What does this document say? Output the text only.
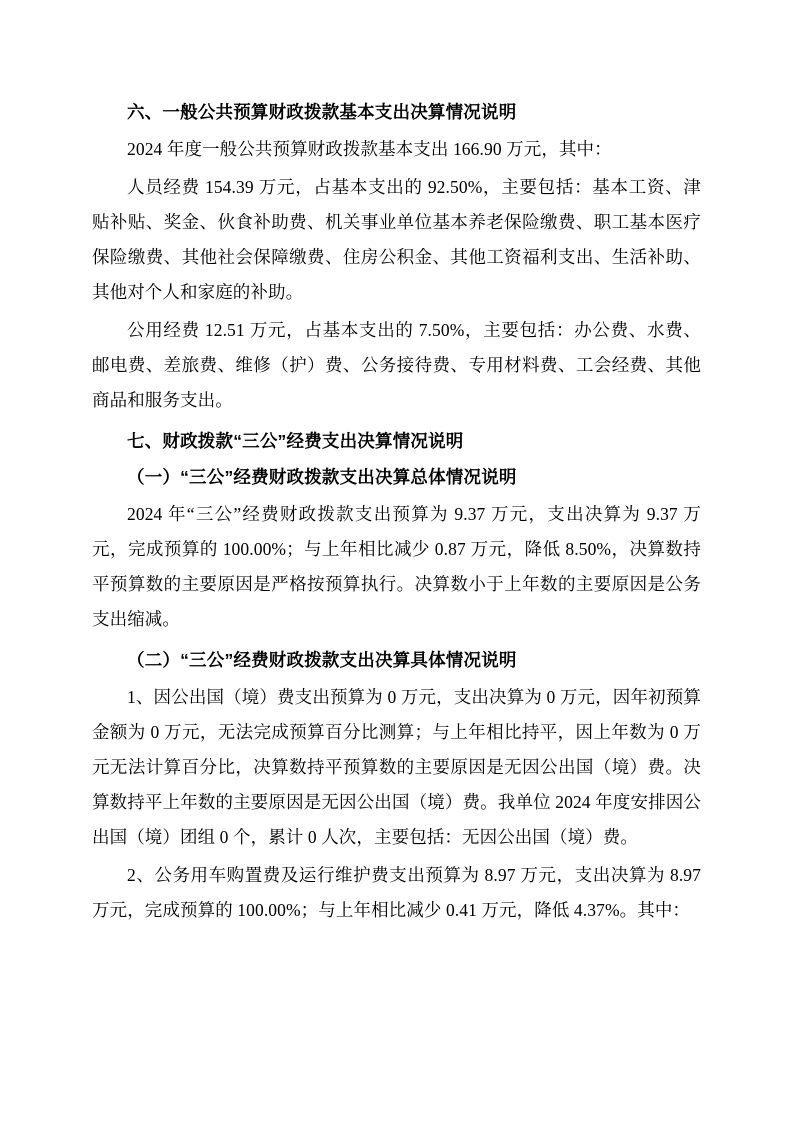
六、一般公共预算财政拨款基本支出决算情况说明

2024 年度一般公共预算财政拨款基本支出 166.90 万元，其中：

人员经费 154.39 万元，占基本支出的 92.50%，主要包括：基本工资、津贴补贴、奖金、伙食补助费、机关事业单位基本养老保险缴费、职工基本医疗保险缴费、其他社会保障缴费、住房公积金、其他工资福利支出、生活补助、其他对个人和家庭的补助。

公用经费 12.51 万元，占基本支出的 7.50%，主要包括：办公费、水费、邮电费、差旅费、维修（护）费、公务接待费、专用材料费、工会经费、其他商品和服务支出。

七、财政拨款“三公”经费支出决算情况说明
（一）“三公”经费财政拨款支出决算总体情况说明

2024 年“三公”经费财政拨款支出预算为 9.37 万元，支出决算为 9.37 万元，完成预算的 100.00%；与上年相比减少 0.87 万元，降低 8.50%，决算数持平预算数的主要原因是严格按预算执行。决算数小于上年数的主要原因是公务支出缩减。

（二）“三公”经费财政拨款支出决算具体情况说明

1、因公出国（境）费支出预算为 0 万元，支出决算为 0 万元，因年初预算金额为 0 万元，无法完成预算百分比测算；与上年相比持平，因上年数为 0 万元无法计算百分比，决算数持平预算数的主要原因是无因公出国（境）费。决算数持平上年数的主要原因是无因公出国（境）费。我单位 2024 年度安排因公出国（境）团组 0 个，累计 0 人次，主要包括：无因公出国（境）费。

2、公务用车购置费及运行维护费支出预算为 8.97 万元，支出决算为 8.97 万元，完成预算的 100.00%；与上年相比减少 0.41 万元，降低 4.37%。其中：
